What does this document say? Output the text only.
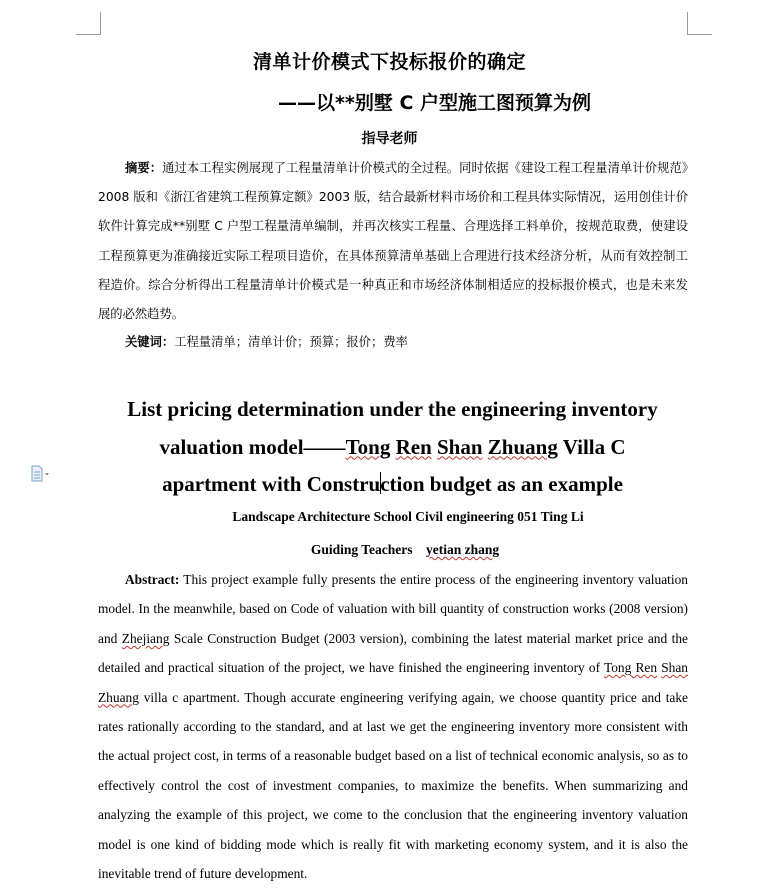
清单计价模式下投标报价的确定
——以**别墅 C 户型施工图预算为例
指导老师
摘要：通过本工程实例展现了工程量清单计价模式的全过程。同时依据《建设工程工程量清单计价规范》2008 版和《浙江省建筑工程预算定额》2003 版，结合最新材料市场价和工程具体实际情况，运用创佳计价软件计算完成**别墅 C 户型工程量清单编制，并再次核实工程量、合理选择工料单价，按规范取费，使建设工程预算更为准确接近实际工程项目造价，在具体预算清单基础上合理进行技术经济分析，从而有效控制工程造价。综合分析得出工程量清单计价模式是一种真正和市场经济体制相适应的投标报价模式，也是未来发展的必然趋势。
关键词：工程量清单；清单计价；预算；报价；费率
List pricing determination under the engineering inventory
valuation model——Tong Ren Shan Zhuang Villa C
apartment with Construction budget as an example
Landscape Architecture School Civil engineering 051 Ting Li
Guiding Teachers yetian zhang
Abstract: This project example fully presents the entire process of the engineering inventory valuation model. In the meanwhile, based on Code of valuation with bill quantity of construction works (2008 version) and Zhejiang Scale Construction Budget (2003 version), combining the latest material market price and the detailed and practical situation of the project, we have finished the engineering inventory of Tong Ren Shan Zhuang villa c apartment. Though accurate engineering verifying again, we choose quantity price and take rates rationally according to the standard, and at last we get the engineering inventory more consistent with the actual project cost, in terms of a reasonable budget based on a list of technical economic analysis, so as to effectively control the cost of investment companies, to maximize the benefits. When summarizing and analyzing the example of this project, we come to the conclusion that the engineering inventory valuation model is one kind of bidding mode which is really fit with marketing economy system, and it is also the inevitable trend of future development.
